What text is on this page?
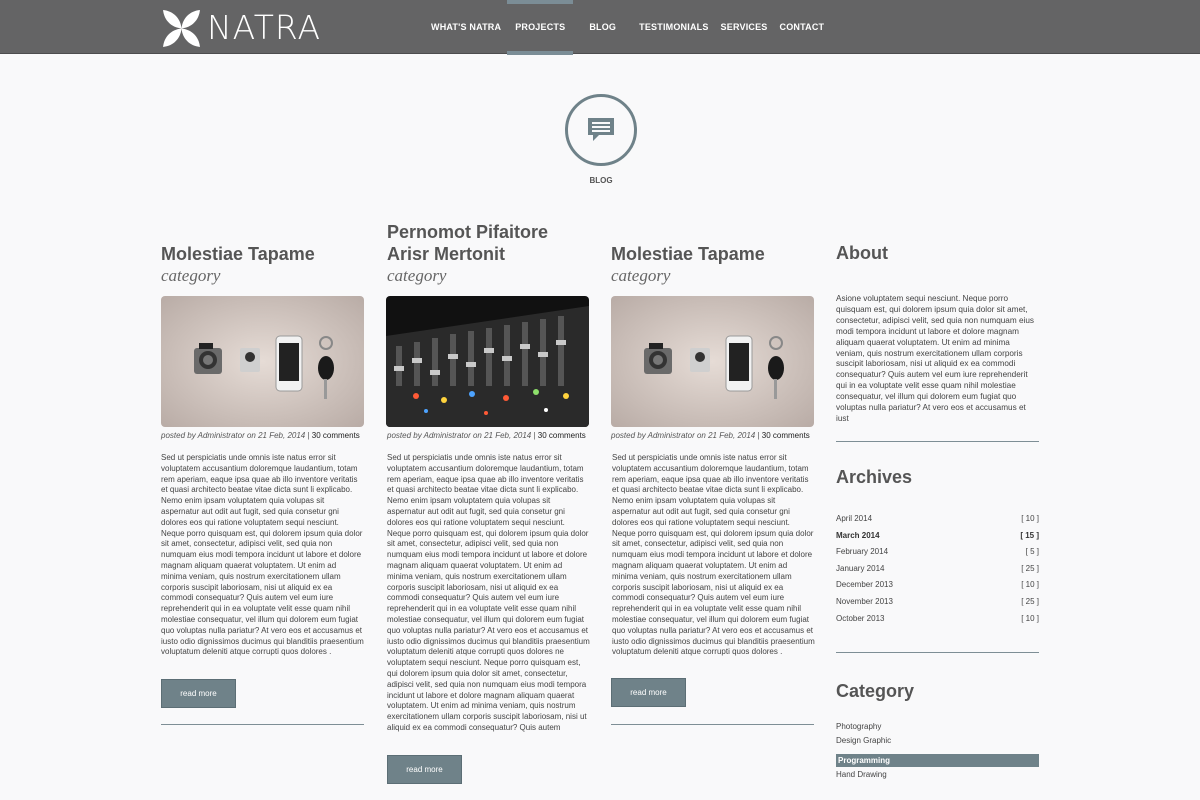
NATRA	WHAT'S NATRA	PROJECTS	BLOG	TESTIMONIALS	SERVICES	CONTACT
BLOG
Molestiae Tapame
category
posted by Administrator on 21 Feb, 2014 | 30 comments
Sed ut perspiciatis unde omnis iste natus error sit voluptatem accusantium doloremque laudantium, totam rem aperiam, eaque ipsa quae ab illo inventore veritatis et quasi architecto beatae vitae dicta sunt li explicabo. Nemo enim ipsam voluptatem quia volupas sit aspernatur aut odit aut fugit, sed quia consetur gni dolores eos qui ratione voluptatem sequi nesciunt. Neque porro quisquam est, qui dolorem ipsum quia dolor sit amet, consectetur, adipisci velit, sed quia non numquam eius modi tempora incidunt ut labore et dolore magnam aliquam quaerat voluptatem. Ut enim ad minima veniam, quis nostrum exercitationem ullam corporis suscipit laboriosam, nisi ut aliquid ex ea commodi consequatur? Quis autem vel eum iure reprehenderit qui in ea voluptate velit esse quam nihil molestiae consequatur, vel illum qui dolorem eum fugiat quo voluptas nulla pariatur? At vero eos et accusamus et iusto odio dignissimos ducimus qui blanditiis praesentium voluptatum deleniti atque corrupti quos dolores .
read more
Pernomot Pifaitore Arisr Mertonit
category
posted by Administrator on 21 Feb, 2014 | 30 comments
Sed ut perspiciatis unde omnis iste natus error sit voluptatem accusantium doloremque laudantium, totam rem aperiam, eaque ipsa quae ab illo inventore veritatis et quasi architecto beatae vitae dicta sunt li explicabo. Nemo enim ipsam voluptatem quia volupas sit aspernatur aut odit aut fugit, sed quia consetur gni dolores eos qui ratione voluptatem sequi nesciunt. Neque porro quisquam est, qui dolorem ipsum quia dolor sit amet, consectetur, adipisci velit, sed quia non numquam eius modi tempora incidunt ut labore et dolore magnam aliquam quaerat voluptatem. Ut enim ad minima veniam, quis nostrum exercitationem ullam corporis suscipit laboriosam, nisi ut aliquid ex ea commodi consequatur? Quis autem vel eum iure reprehenderit qui in ea voluptate velit esse quam nihil molestiae consequatur, vel illum qui dolorem eum fugiat quo voluptas nulla pariatur? At vero eos et accusamus et iusto odio dignissimos ducimus qui blanditiis praesentium voluptatum deleniti atque corrupti quos dolores ne voluptatem sequi nesciunt. Neque porro quisquam est, qui dolorem ipsum quia dolor sit amet, consectetur, adipisci velit, sed quia non numquam eius modi tempora incidunt ut labore et dolore magnam aliquam quaerat voluptatem. Ut enim ad minima veniam, quis nostrum exercitationem ullam corporis suscipit laboriosam, nisi ut aliquid ex ea commodi consequatur? Quis autem
read more
Molestiae Tapame
category
posted by Administrator on 21 Feb, 2014 | 30 comments
Sed ut perspiciatis unde omnis iste natus error sit voluptatem accusantium doloremque laudantium, totam rem aperiam, eaque ipsa quae ab illo inventore veritatis et quasi architecto beatae vitae dicta sunt li explicabo. Nemo enim ipsam voluptatem quia volupas sit aspernatur aut odit aut fugit, sed quia consetur gni dolores eos qui ratione voluptatem sequi nesciunt. Neque porro quisquam est, qui dolorem ipsum quia dolor sit amet, consectetur, adipisci velit, sed quia non numquam eius modi tempora incidunt ut labore et dolore magnam aliquam quaerat voluptatem. Ut enim ad minima veniam, quis nostrum exercitationem ullam corporis suscipit laboriosam, nisi ut aliquid ex ea commodi consequatur? Quis autem vel eum iure reprehenderit qui in ea voluptate velit esse quam nihil molestiae consequatur, vel illum qui dolorem eum fugiat quo voluptas nulla pariatur? At vero eos et accusamus et iusto odio dignissimos ducimus qui blanditiis praesentium voluptatum deleniti atque corrupti quos dolores .
read more
About
Asione voluptatem sequi nesciunt. Neque porro quisquam est, qui dolorem ipsum quia dolor sit amet, consectetur, adipisci velit, sed quia non numquam eius modi tempora incidunt ut labore et dolore magnam aliquam quaerat voluptatem. Ut enim ad minima veniam, quis nostrum exercitationem ullam corporis suscipit laboriosam, nisi ut aliquid ex ea commodi consequatur? Quis autem vel eum iure reprehenderit qui in ea voluptate velit esse quam nihil molestiae consequatur, vel illum qui dolorem eum fugiat quo voluptas nulla pariatur? At vero eos et accusamus et iust
Archives
April 2014	[ 10 ]
March 2014	[ 15 ]
February 2014	[ 5 ]
January 2014	[ 25 ]
December 2013	[ 10 ]
November 2013	[ 25 ]
October 2013	[ 10 ]
Category
Photography
Design Graphic
Programming
Hand Drawing
